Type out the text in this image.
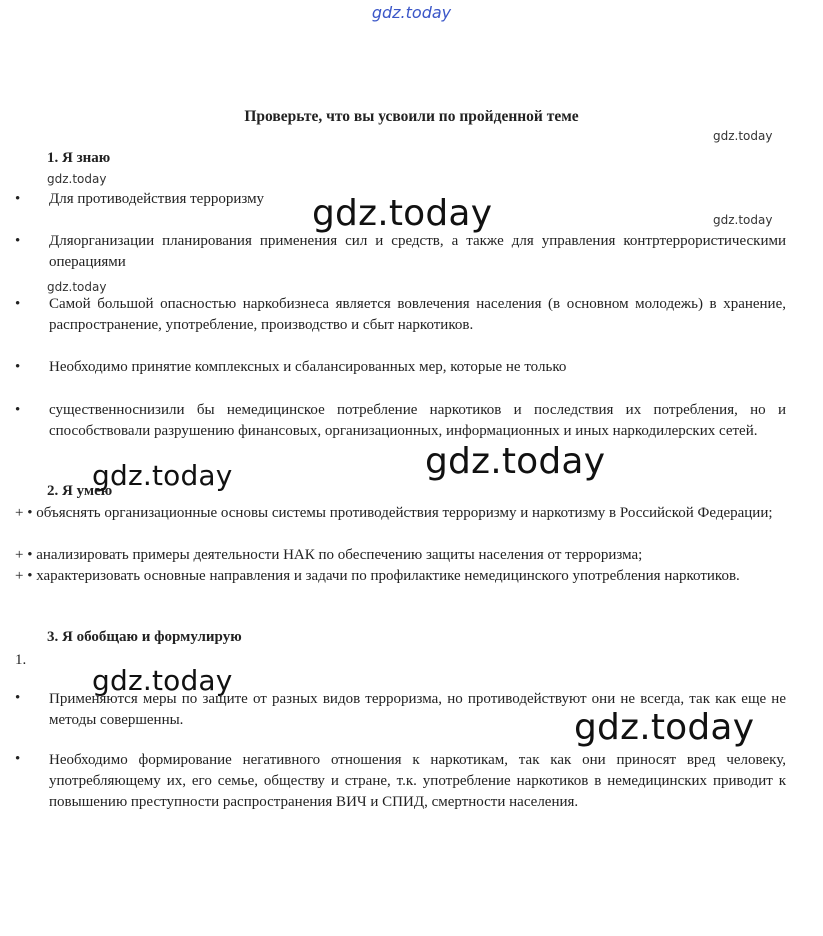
gdz.today
Проверьте, что вы усвоили по пройденной теме
gdz.today
gdz.today
gdz.today
gdz.today
1. Я знаю
• Для противодействия терроризму
• Дляорганизации планирования применения сил и средств, а также для управления контртеррористическими операциями
• Самой большой опасностью наркобизнеса является вовлечения населения (в основном молодежь) в хранение, распространение, употребление, производство и сбыт наркотиков.
• Необходимо принятие комплексных и сбалансированных мер, которые не только
• существенноснизили бы немедицинское потребление наркотиков и последствия их потребления, но и способствовали разрушению финансовых, организационных, информационных и иных наркодилерских сетей.
2. Я умею
+ • объяснять организационные основы системы противодействия терроризму и наркотизму в Российской Федерации;
+ • анализировать примеры деятельности НАК по обеспечению защиты населения от терроризма;
+ • характеризовать основные направления и задачи по профилактике немедицинского употребления наркотиков.
3. Я обобщаю и формулирую
1.
• Применяются меры по защите от разных видов терроризма, но противодействуют они не всегда, так как еще не методы совершенны.
• Необходимо формирование негативного отношения к наркотикам, так как они приносят вред человеку, употребляющему их, его семье, обществу и стране, т.к. употребление наркотиков в немедицинских приводит к повышению преступности распространения ВИЧ и СПИД, смертности населения.
gdz.today
gdz.today
gdz.today
gdz.today
gdz.today
